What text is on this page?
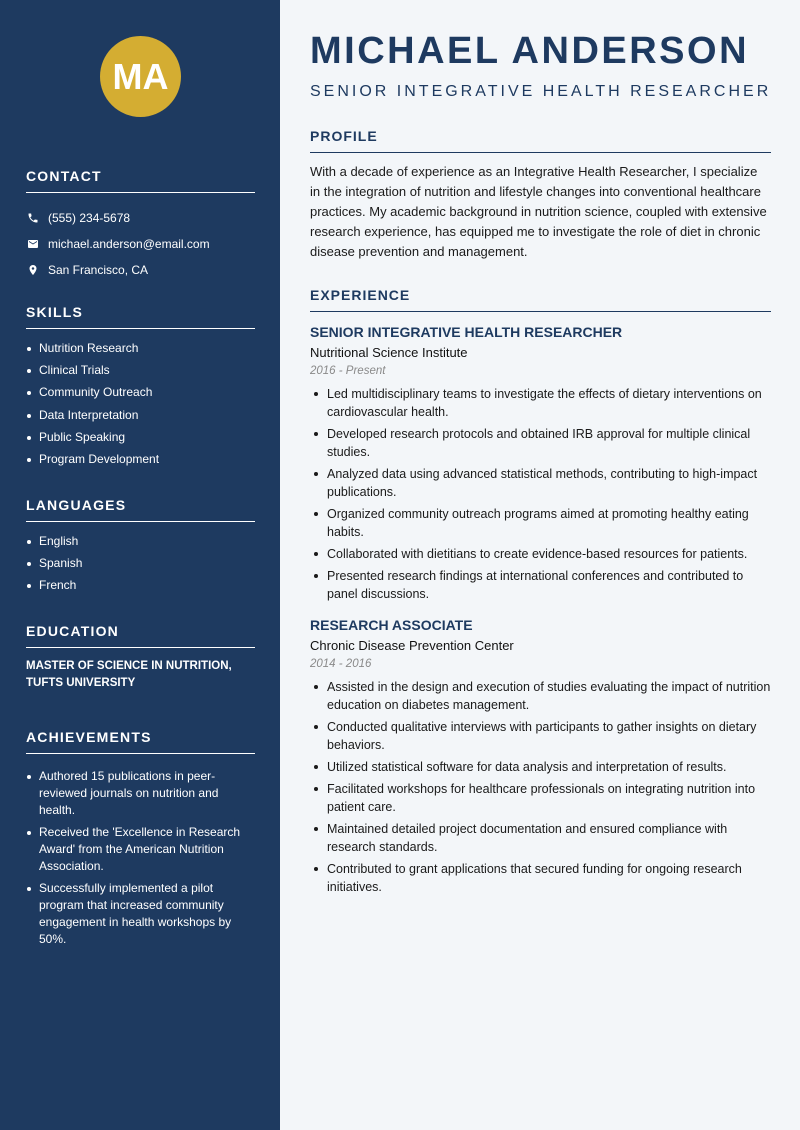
MA
CONTACT
(555) 234-5678
michael.anderson@email.com
San Francisco, CA
SKILLS
Nutrition Research
Clinical Trials
Community Outreach
Data Interpretation
Public Speaking
Program Development
LANGUAGES
English
Spanish
French
EDUCATION
MASTER OF SCIENCE IN NUTRITION,
TUFTS UNIVERSITY
ACHIEVEMENTS
Authored 15 publications in peer-reviewed journals on nutrition and health.
Received the 'Excellence in Research Award' from the American Nutrition Association.
Successfully implemented a pilot program that increased community engagement in health workshops by 50%.
MICHAEL ANDERSON
SENIOR INTEGRATIVE HEALTH RESEARCHER
PROFILE

With a decade of experience as an Integrative Health Researcher, I specialize in the integration of nutrition and lifestyle changes into conventional healthcare practices. My academic background in nutrition science, coupled with extensive research experience, has equipped me to investigate the role of diet in chronic disease prevention and management.

EXPERIENCE
SENIOR INTEGRATIVE HEALTH RESEARCHER
Nutritional Science Institute
2016 - Present
Led multidisciplinary teams to investigate the effects of dietary interventions on cardiovascular health.
Developed research protocols and obtained IRB approval for multiple clinical studies.
Analyzed data using advanced statistical methods, contributing to high-impact publications.
Organized community outreach programs aimed at promoting healthy eating habits.
Collaborated with dietitians to create evidence-based resources for patients.
Presented research findings at international conferences and contributed to panel discussions.
RESEARCH ASSOCIATE
Chronic Disease Prevention Center
2014 - 2016
Assisted in the design and execution of studies evaluating the impact of nutrition education on diabetes management.
Conducted qualitative interviews with participants to gather insights on dietary behaviors.
Utilized statistical software for data analysis and interpretation of results.
Facilitated workshops for healthcare professionals on integrating nutrition into patient care.
Maintained detailed project documentation and ensured compliance with research standards.
Contributed to grant applications that secured funding for ongoing research initiatives.
